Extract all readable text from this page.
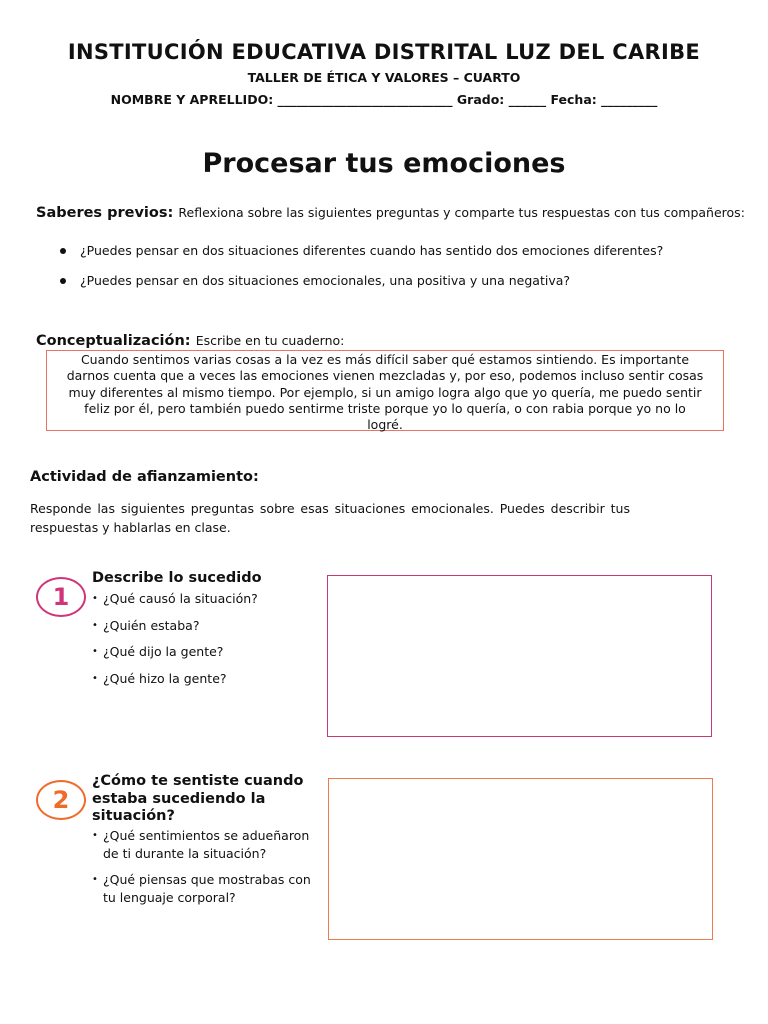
INSTITUCIÓN EDUCATIVA DISTRITAL LUZ DEL CARIBE
TALLER DE ÉTICA Y VALORES – CUARTO
NOMBRE Y APRELLIDO: ____________________________ Grado: ______ Fecha: _________
Procesar tus emociones
Saberes previos: Reflexiona sobre las siguientes preguntas y comparte tus respuestas con tus compañeros:
¿Puedes pensar en dos situaciones diferentes cuando has sentido dos emociones diferentes?
¿Puedes pensar en dos situaciones emocionales, una positiva y una negativa?
Conceptualización: Escribe en tu cuaderno:
Cuando sentimos varias cosas a la vez es más difícil saber qué estamos sintiendo. Es importante darnos cuenta que a veces las emociones vienen mezcladas y, por eso, podemos incluso sentir cosas muy diferentes al mismo tiempo. Por ejemplo, si un amigo logra algo que yo quería, me puedo sentir feliz por él, pero también puedo sentirme triste porque yo lo quería, o con rabia porque yo no lo logré.
Actividad de afianzamiento:
Responde las siguientes preguntas sobre esas situaciones emocionales. Puedes describir tus respuestas y hablarlas en clase.
1
Describe lo sucedido
• ¿Qué causó la situación?
• ¿Quién estaba?
• ¿Qué dijo la gente?
• ¿Qué hizo la gente?
2
¿Cómo te sentiste cuando estaba sucediendo la situación?
• ¿Qué sentimientos se adueñaron de ti durante la situación?
• ¿Qué piensas que mostrabas con tu lenguaje corporal?
